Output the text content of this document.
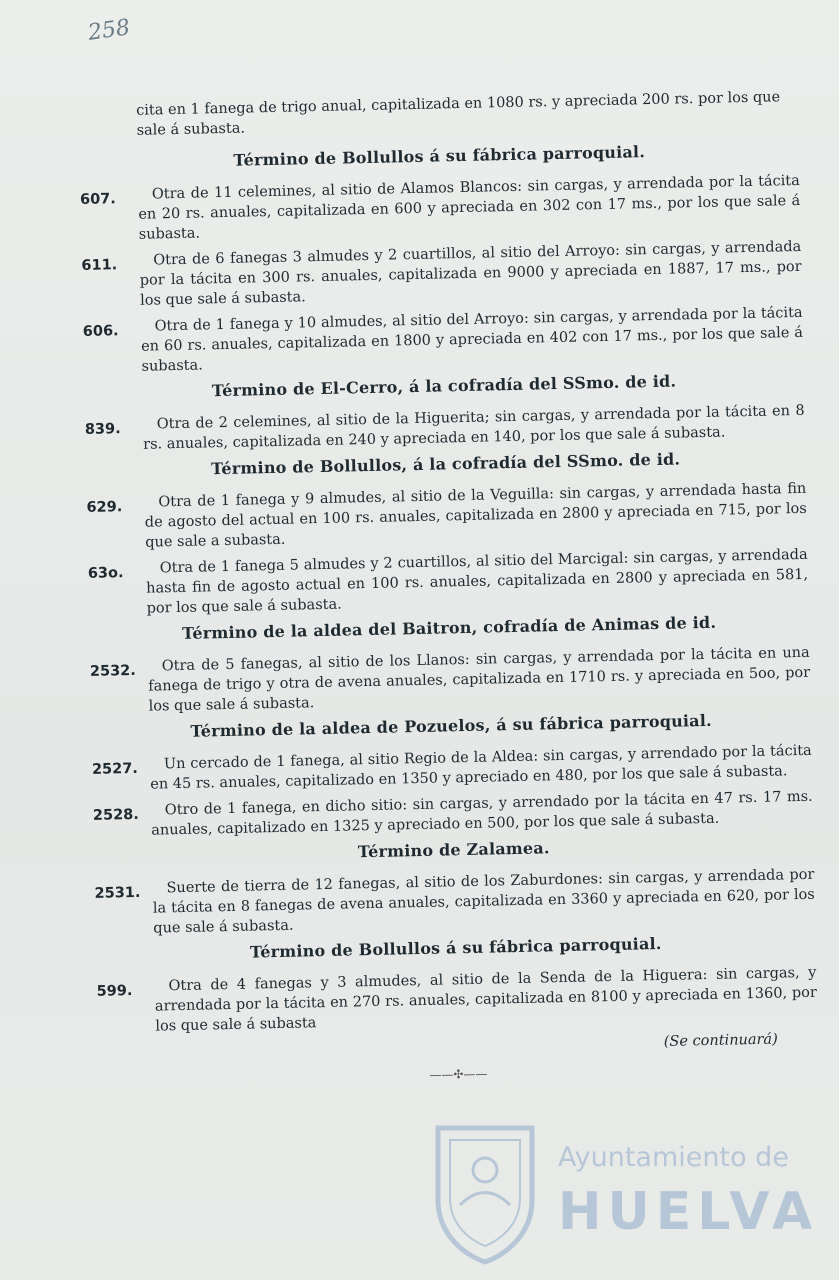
258

cita en 1 fanega de trigo anual, capitalizada en 1080 rs. y apreciada 200 rs. por los que sale á subasta.

Término de Bollullos á su fábrica parroquial.
607.	Otra de 11 celemines, al sitio de Alamos Blancos: sin cargas, y arrendada por la tácita en 20 rs. anuales, capitalizada en 600 y apreciada en 302 con 17 ms., por los que sale á subasta.
611.	Otra de 6 fanegas 3 almudes y 2 cuartillos, al sitio del Arroyo: sin cargas, y arrendada por la tácita en 300 rs. anuales, capitalizada en 9000 y apreciada en 1887, 17 ms., por los que sale á subasta.
606.	Otra de 1 fanega y 10 almudes, al sitio del Arroyo: sin cargas, y arrendada por la tácita en 60 rs. anuales, capitalizada en 1800 y apreciada en 402 con 17 ms., por los que sale á subasta.
Término de El-Cerro, á la cofradía del SSmo. de id.
839.	Otra de 2 celemines, al sitio de la Higuerita; sin cargas, y arrendada por la tácita en 8 rs. anuales, capitalizada en 240 y apreciada en 140, por los que sale á subasta.
Término de Bollullos, á la cofradía del SSmo. de id.
629.	Otra de 1 fanega y 9 almudes, al sitio de la Veguilla: sin cargas, y arrendada hasta fin de agosto del actual en 100 rs. anuales, capitalizada en 2800 y apreciada en 715, por los que sale a subasta.
63o.	Otra de 1 fanega 5 almudes y 2 cuartillos, al sitio del Marcigal: sin cargas, y arrendada hasta fin de agosto actual en 100 rs. anuales, capitalizada en 2800 y apreciada en 581, por los que sale á subasta.
Término de la aldea del Baitron, cofradía de Animas de id.
2532.	Otra de 5 fanegas, al sitio de los Llanos: sin cargas, y arrendada por la tácita en una fanega de trigo y otra de avena anuales, capitalizada en 1710 rs. y apreciada en 5oo, por los que sale á subasta.
Término de la aldea de Pozuelos, á su fábrica parroquial.
2527.	Un cercado de 1 fanega, al sitio Regio de la Aldea: sin cargas, y arrendado por la tácita en 45 rs. anuales, capitalizado en 1350 y apreciado en 480, por los que sale á subasta.
2528.	Otro de 1 fanega, en dicho sitio: sin cargas, y arrendado por la tácita en 47 rs. 17 ms. anuales, capitalizado en 1325 y apreciado en 500, por los que sale á subasta.
Término de Zalamea.
2531.	Suerte de tierra de 12 fanegas, al sitio de los Zaburdones: sin cargas, y arrendada por la tácita en 8 fanegas de avena anuales, capitalizada en 3360 y apreciada en 620, por los que sale á subasta.
Término de Bollullos á su fábrica parroquial.
599.	Otra de 4 fanegas y 3 almudes, al sitio de la Senda de la Higuera: sin cargas, y arrendada por la tácita en 270 rs. anuales, capitalizada en 8100 y apreciada en 1360, por los que sale á subasta
(Se continuará)
——✣——
Ayuntamiento de
HUELVA
